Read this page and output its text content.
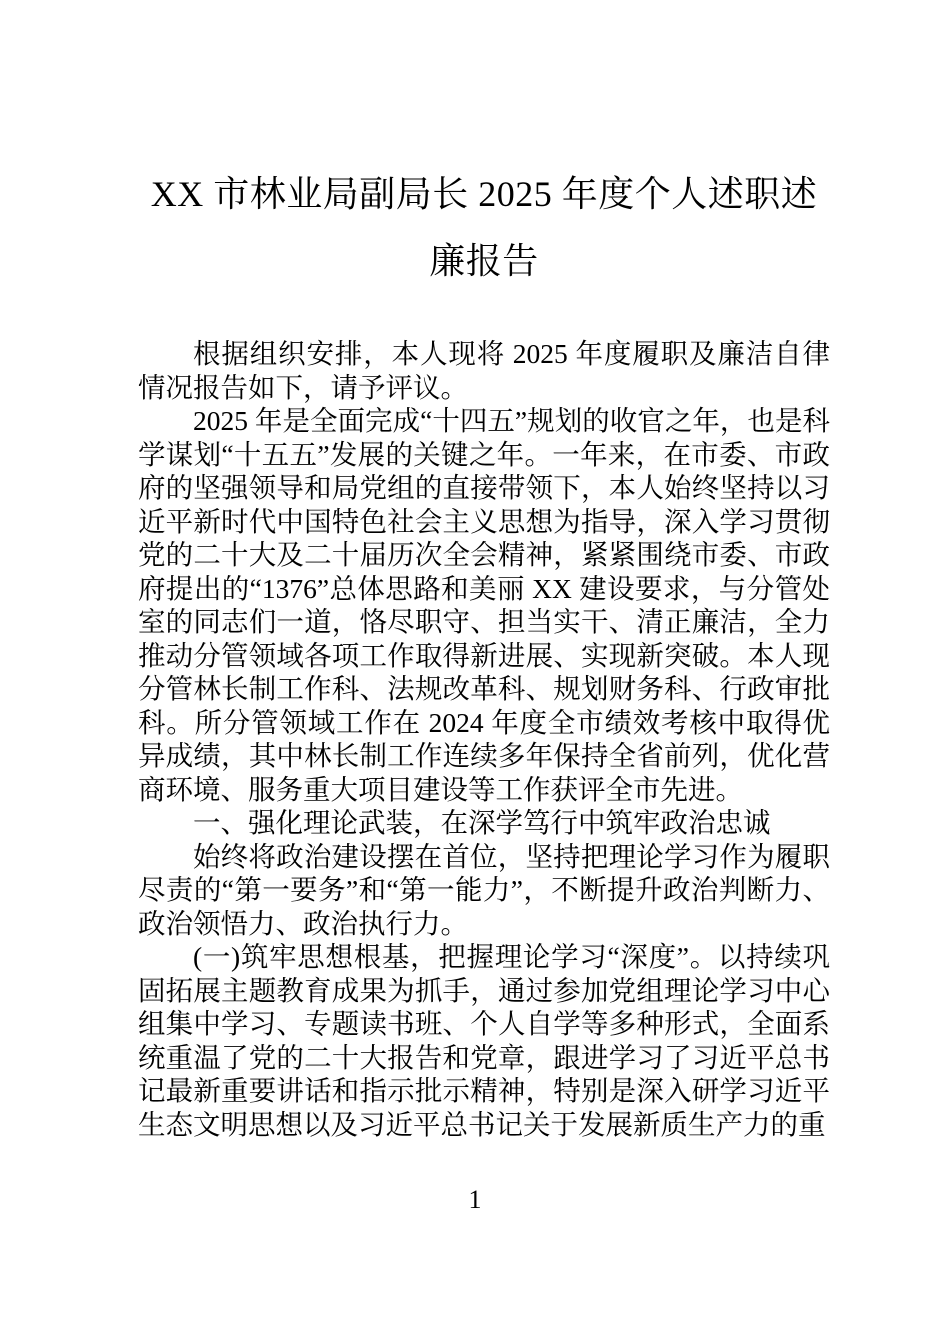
XX 市林业局副局长 2025 年度个人述职述廉报告

根据组织安排，本人现将 2025 年度履职及廉洁自律情况报告如下，请予评议。

2025 年是全面完成“十四五”规划的收官之年，也是科学谋划“十五五”发展的关键之年。一年来，在市委、市政府的坚强领导和局党组的直接带领下，本人始终坚持以习近平新时代中国特色社会主义思想为指导，深入学习贯彻党的二十大及二十届历次全会精神，紧紧围绕市委、市政府提出的“1376”总体思路和美丽 XX 建设要求，与分管处室的同志们一道，恪尽职守、担当实干、清正廉洁，全力推动分管领域各项工作取得新进展、实现新突破。本人现分管林长制工作科、法规改革科、规划财务科、行政审批科。所分管领域工作在 2024 年度全市绩效考核中取得优异成绩，其中林长制工作连续多年保持全省前列，优化营商环境、服务重大项目建设等工作获评全市先进。

一、强化理论武装，在深学笃行中筑牢政治忠诚

始终将政治建设摆在首位，坚持把理论学习作为履职尽责的“第一要务”和“第一能力”，不断提升政治判断力、政治领悟力、政治执行力。

(一)筑牢思想根基，把握理论学习“深度”。以持续巩固拓展主题教育成果为抓手，通过参加党组理论学习中心组集中学习、专题读书班、个人自学等多种形式，全面系统重温了党的二十大报告和党章，跟进学习了习近平总书记最新重要讲话和指示批示精神，特别是深入研学习近平生态文明思想以及习近平总书记关于发展新质生产力的重

1
